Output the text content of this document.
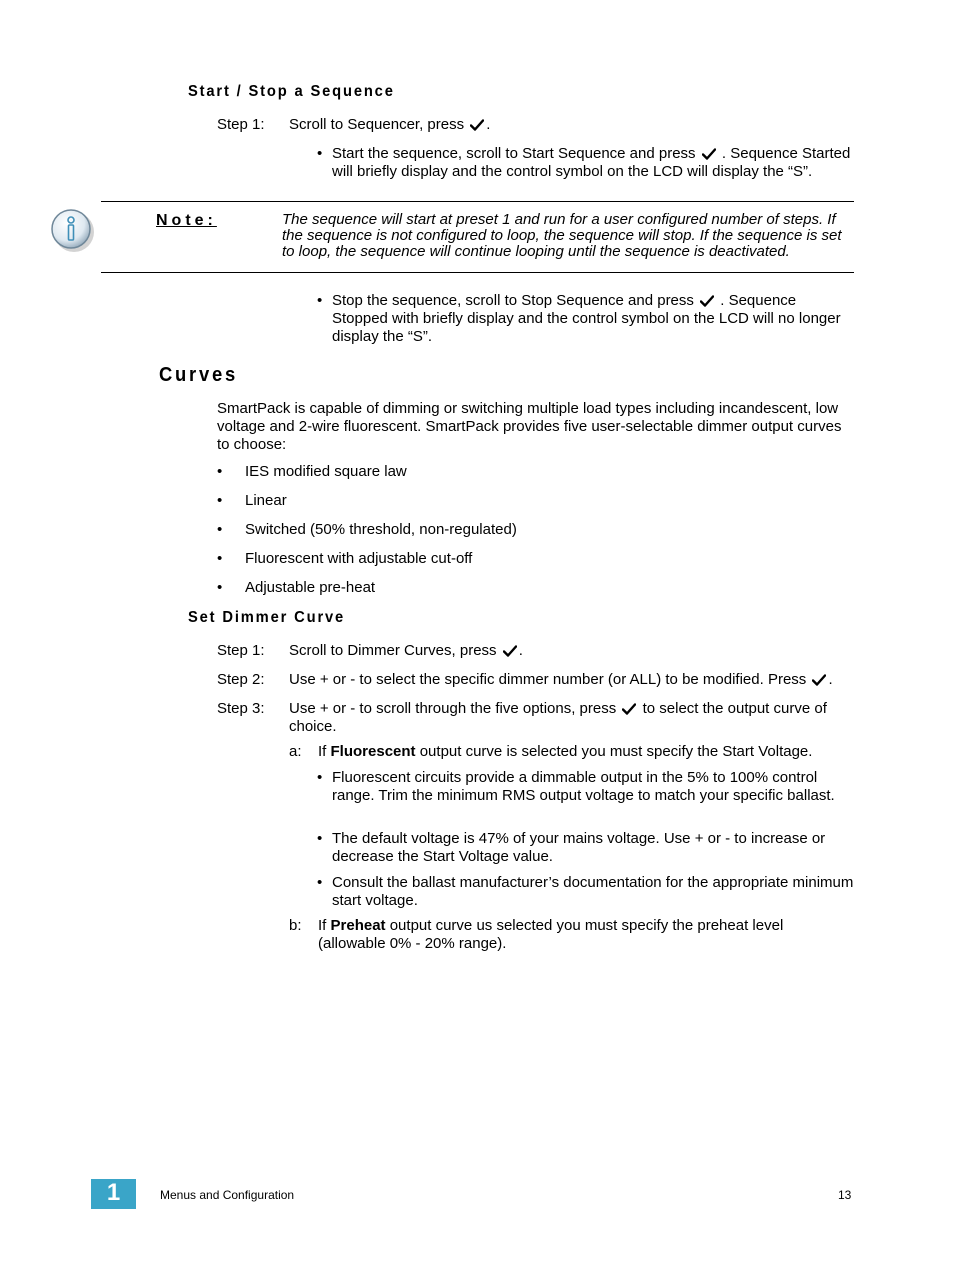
Start / Stop a Sequence
Step 1: Scroll to Sequencer, press .
• Start the sequence, scroll to Start Sequence and press . Sequence Started will briefly display and the control symbol on the LCD will display the “S”.
Note:	The sequence will start at preset 1 and run for a user configured number of steps. If the sequence is not configured to loop, the sequence will stop. If the sequence is set to loop, the sequence will continue looping until the sequence is deactivated.
• Stop the sequence, scroll to Stop Sequence and press . Sequence Stopped with briefly display and the control symbol on the LCD will no longer display the “S”.
Curves
SmartPack is capable of dimming or switching multiple load types including incandescent, low voltage and 2-wire fluorescent. SmartPack provides five user-selectable dimmer output curves to choose:
• IES modified square law
• Linear
• Switched (50% threshold, non-regulated)
• Fluorescent with adjustable cut-off
• Adjustable pre-heat
Set Dimmer Curve
Step 1: Scroll to Dimmer Curves, press .
Step 2: Use + or - to select the specific dimmer number (or ALL) to be modified. Press .
Step 3: Use + or - to scroll through the five options, press to select the output curve of choice.
a: If Fluorescent output curve is selected you must specify the Start Voltage.
• Fluorescent circuits provide a dimmable output in the 5% to 100% control range. Trim the minimum RMS output voltage to match your specific ballast.
• The default voltage is 47% of your mains voltage. Use + or - to increase or decrease the Start Voltage value.
• Consult the ballast manufacturer’s documentation for the appropriate minimum start voltage.
b: If Preheat output curve us selected you must specify the preheat level (allowable 0% - 20% range).
1	Menus and Configuration	13
